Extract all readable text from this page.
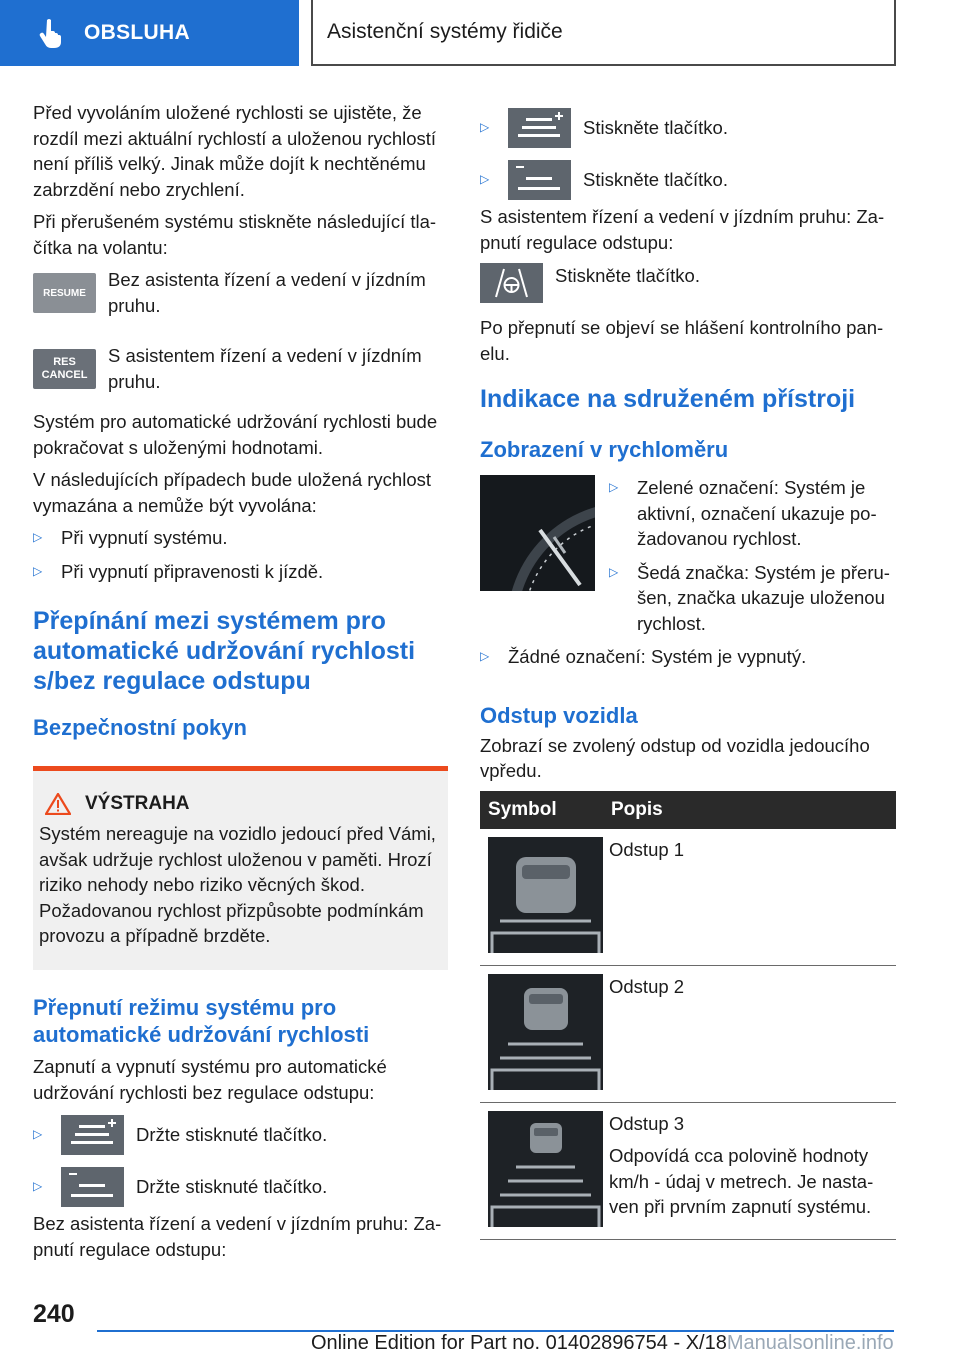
OBSLUHA	Asistenční systémy řidiče

Před vyvoláním uložené rychlosti se ujistěte, že rozdíl mezi aktuální rychlostí a uloženou rychlostí není příliš velký. Jinak může dojít k nechtěnému zabrzdění nebo zrychlení.

Při přerušeném systému stiskněte následující tlačítka na volantu:

RESUME

Bez asistenta řízení a vedení v jízdním pruhu.

RES
CANCEL

S asistentem řízení a vedení v jízdním pruhu.

Systém pro automatické udržování rychlosti bude pokračovat s uloženými hodnotami.

V následujících případech bude uložená rychlost vymazána a nemůže být vyvolána:

▷	Při vypnutí systému.
▷	Při vypnutí připravenosti k jízdě.
Přepínání mezi systémem pro automatické udržování rychlosti s/bez regulace odstupu
Bezpečnostní pokyn
VÝSTRAHA

Systém nereaguje na vozidlo jedoucí před Vámi, avšak udržuje rychlost uloženou v paměti. Hrozí riziko nehody nebo riziko věcných škod. Požadovanou rychlost přizpůsobte podmínkám provozu a případně brzděte.

Přepnutí režimu systému pro automatické udržování rychlosti

Zapnutí a vypnutí systému pro automatické udržování rychlosti bez regulace odstupu:

▷	Držte stisknuté tlačítko.
▷	Držte stisknuté tlačítko.

Bez asistenta řízení a vedení v jízdním pruhu: Zapnutí regulace odstupu:

▷	Stiskněte tlačítko.
▷	Stiskněte tlačítko.

S asistentem řízení a vedení v jízdním pruhu: Zapnutí regulace odstupu:

Stiskněte tlačítko.

Po přepnutí se objeví se hlášení kontrolního panelu.

Indikace na sdruženém přístroji
Zobrazení v rychloměru
▷	Zelené označení: Systém je aktivní, označení ukazuje požadovanou rychlost.
▷	Šedá značka: Systém je přerušen, značka ukazuje uloženou rychlost.
▷	Žádné označení: Systém je vypnutý.
Odstup vozidla

Zobrazí se zvolený odstup od vozidla jedoucího vpředu.

Symbol	Popis

	Odstup 1

	Odstup 2

Odstup 3

Odpovídá cca polovině hodnoty km/h - údaj v metrech. Je nastaven při prvním zapnutí systému.

240
Online Edition for Part no. 01402896754 - X/18Manualsonline.info
